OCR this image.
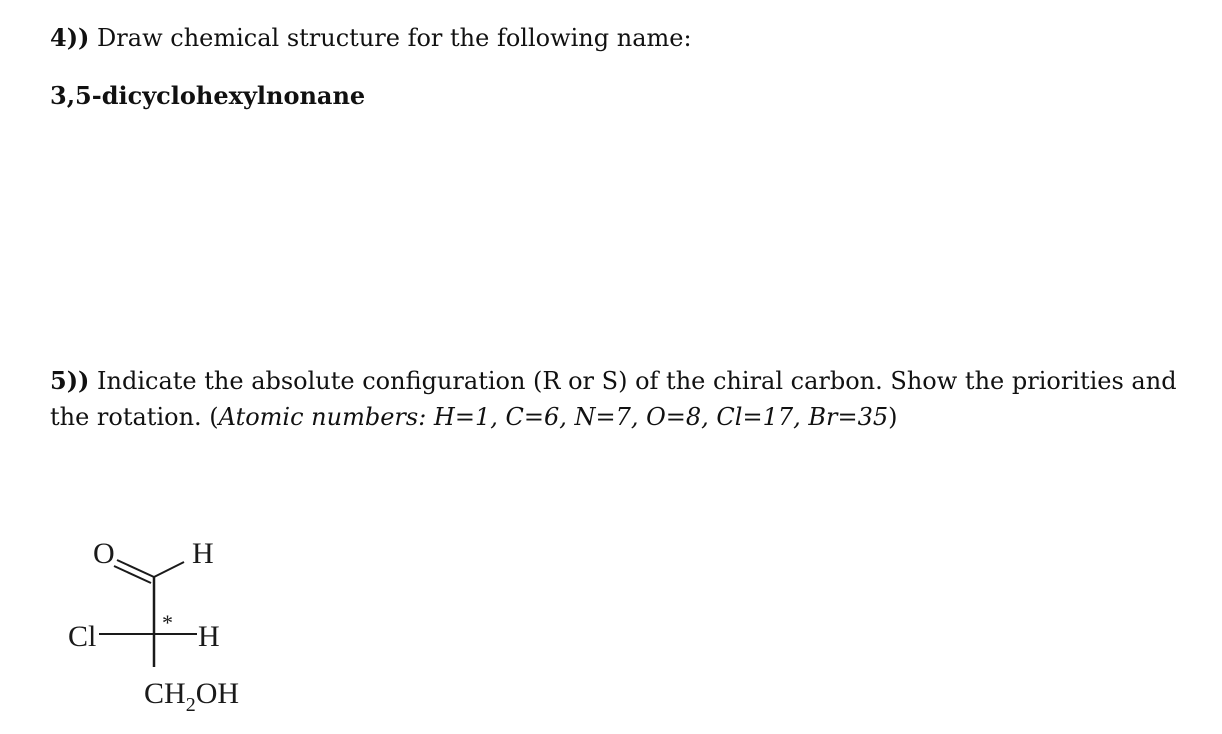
4)) Draw chemical structure for the following name:
3,5-dicyclohexylnonane
5)) Indicate the absolute configuration (R or S) of the chiral carbon. Show the priorities and
the rotation. (Atomic numbers: H=1, C=6, N=7, O=8, Cl=17, Br=35)
O	H
Cl	H
*
$CH_2OH$
